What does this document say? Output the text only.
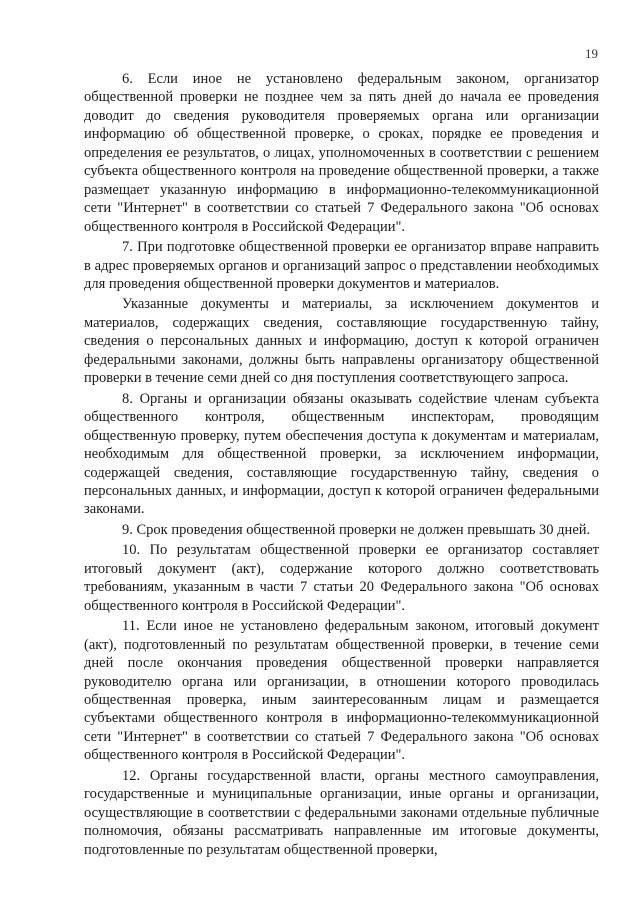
19

6. Если иное не установлено федеральным законом, организатор общественной проверки не позднее чем за пять дней до начала ее проведения доводит до сведения руководителя проверяемых органа или организации информацию об общественной проверке, о сроках, порядке ее проведения и определения ее результатов, о лицах, уполномоченных в соответствии с решением субъекта общественного контроля на проведение общественной проверки, а также размещает указанную информацию в информационно-телекоммуникационной сети "Интернет" в соответствии со статьей 7 Федерального закона "Об основах общественного контроля в Российской Федерации".

7. При подготовке общественной проверки ее организатор вправе направить в адрес проверяемых органов и организаций запрос о представлении необходимых для проведения общественной проверки документов и материалов.

Указанные документы и материалы, за исключением документов и материалов, содержащих сведения, составляющие государственную тайну, сведения о персональных данных и информацию, доступ к которой ограничен федеральными законами, должны быть направлены организатору общественной проверки в течение семи дней со дня поступления соответствующего запроса.

8. Органы и организации обязаны оказывать содействие членам субъекта общественного контроля, общественным инспекторам, проводящим общественную проверку, путем обеспечения доступа к документам и материалам, необходимым для общественной проверки, за исключением информации, содержащей сведения, составляющие государственную тайну, сведения о персональных данных, и информации, доступ к которой ограничен федеральными законами.

9. Срок проведения общественной проверки не должен превышать 30 дней.

10. По результатам общественной проверки ее организатор составляет итоговый документ (акт), содержание которого должно соответствовать требованиям, указанным в части 7 статьи 20 Федерального закона "Об основах общественного контроля в Российской Федерации".

11. Если иное не установлено федеральным законом, итоговый документ (акт), подготовленный по результатам общественной проверки, в течение семи дней после окончания проведения общественной проверки направляется руководителю органа или организации, в отношении которого проводилась общественная проверка, иным заинтересованным лицам и размещается субъектами общественного контроля в информационно-телекоммуникационной сети "Интернет" в соответствии со статьей 7 Федерального закона "Об основах общественного контроля в Российской Федерации".

12. Органы государственной власти, органы местного самоуправления, государственные и муниципальные организации, иные органы и организации, осуществляющие в соответствии с федеральными законами отдельные публичные полномочия, обязаны рассматривать направленные им итоговые документы, подготовленные по результатам общественной проверки,
